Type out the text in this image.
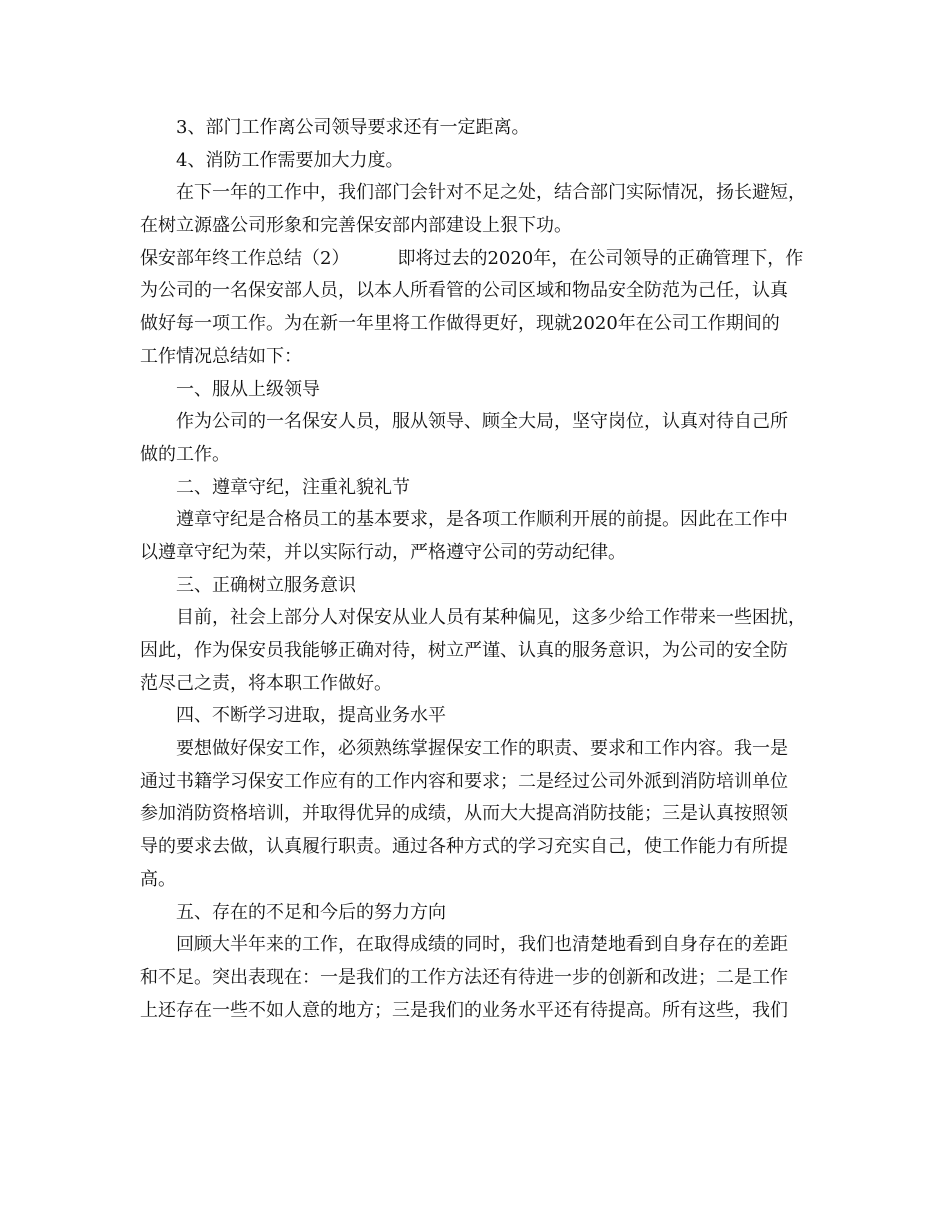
3、部门工作离公司领导要求还有一定距离。
4、消防工作需要加大力度。
在下一年的工作中，我们部门会针对不足之处，结合部门实际情况，扬长避短，
在树立源盛公司形象和完善保安部内部建设上狠下功。
保安部年终工作总结（2）	即将过去的2020年，在公司领导的正确管理下，作
为公司的一名保安部人员，以本人所看管的公司区域和物品安全防范为己任，认真
做好每一项工作。为在新一年里将工作做得更好，现就2020年在公司工作期间的
工作情况总结如下：
一、服从上级领导
作为公司的一名保安人员，服从领导、顾全大局，坚守岗位，认真对待自己所
做的工作。
二、遵章守纪，注重礼貌礼节
遵章守纪是合格员工的基本要求，是各项工作顺利开展的前提。因此在工作中
以遵章守纪为荣，并以实际行动，严格遵守公司的劳动纪律。
三、正确树立服务意识
目前，社会上部分人对保安从业人员有某种偏见，这多少给工作带来一些困扰，
因此，作为保安员我能够正确对待，树立严谨、认真的服务意识，为公司的安全防
范尽己之责，将本职工作做好。
四、不断学习进取，提高业务水平
要想做好保安工作，必须熟练掌握保安工作的职责、要求和工作内容。我一是
通过书籍学习保安工作应有的工作内容和要求；二是经过公司外派到消防培训单位
参加消防资格培训，并取得优异的成绩，从而大大提高消防技能；三是认真按照领
导的要求去做，认真履行职责。通过各种方式的学习充实自己，使工作能力有所提
高。
五、存在的不足和今后的努力方向
回顾大半年来的工作，在取得成绩的同时，我们也清楚地看到自身存在的差距
和不足。突出表现在：一是我们的工作方法还有待进一步的创新和改进；二是工作
上还存在一些不如人意的地方；三是我们的业务水平还有待提高。所有这些，我们
